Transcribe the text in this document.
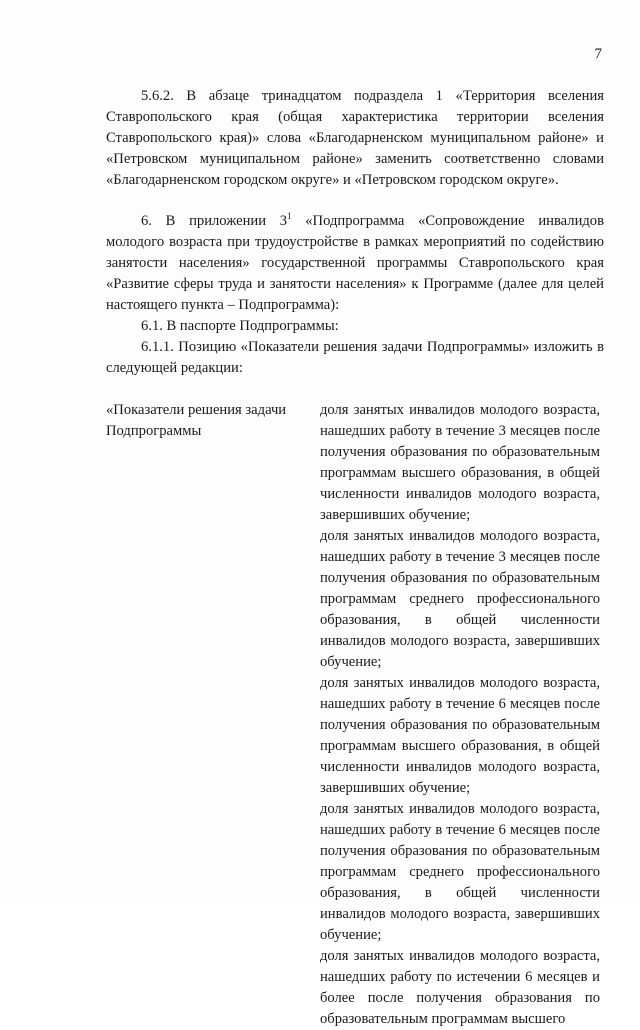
7

5.6.2. В абзаце тринадцатом подраздела 1 «Территория вселения Ставропольского края (общая характеристика территории вселения Ставропольского края)» слова «Благодарненском муниципальном районе» и «Петровском муниципальном районе» заменить соответственно словами «Благодарненском городском округе» и «Петровском городском округе».

6. В приложении $3^1$ «Подпрограмма «Сопровождение инвалидов молодого возраста при трудоустройстве в рамках мероприятий по содействию занятости населения» государственной программы Ставропольского края «Развитие сферы труда и занятости населения» к Программе (далее для целей настоящего пункта – Подпрограмма):

6.1. В паспорте Подпрограммы:

6.1.1. Позицию «Показатели решения задачи Подпрограммы» изложить в следующей редакции:

«Показатели решения задачи
Подпрограммы

доля занятых инвалидов молодого возраста, нашедших работу в течение 3 месяцев после получения образования по образовательным программам высшего образования, в общей численности инвалидов молодого возраста, завершивших обучение;

доля занятых инвалидов молодого возраста, нашедших работу в течение 3 месяцев после получения образования по образовательным программам среднего профессионального образования, в общей численности инвалидов молодого возраста, завершивших обучение;

доля занятых инвалидов молодого возраста, нашедших работу в течение 6 месяцев после получения образования по образовательным программам высшего образования, в общей численности инвалидов молодого возраста, завершивших обучение;

доля занятых инвалидов молодого возраста, нашедших работу в течение 6 месяцев после получения образования по образовательным программам среднего профессионального образования, в общей численности инвалидов молодого возраста, завершивших обучение;

доля занятых инвалидов молодого возраста, нашедших работу по истечении 6 месяцев и более после получения образования по образовательным программам высшего
